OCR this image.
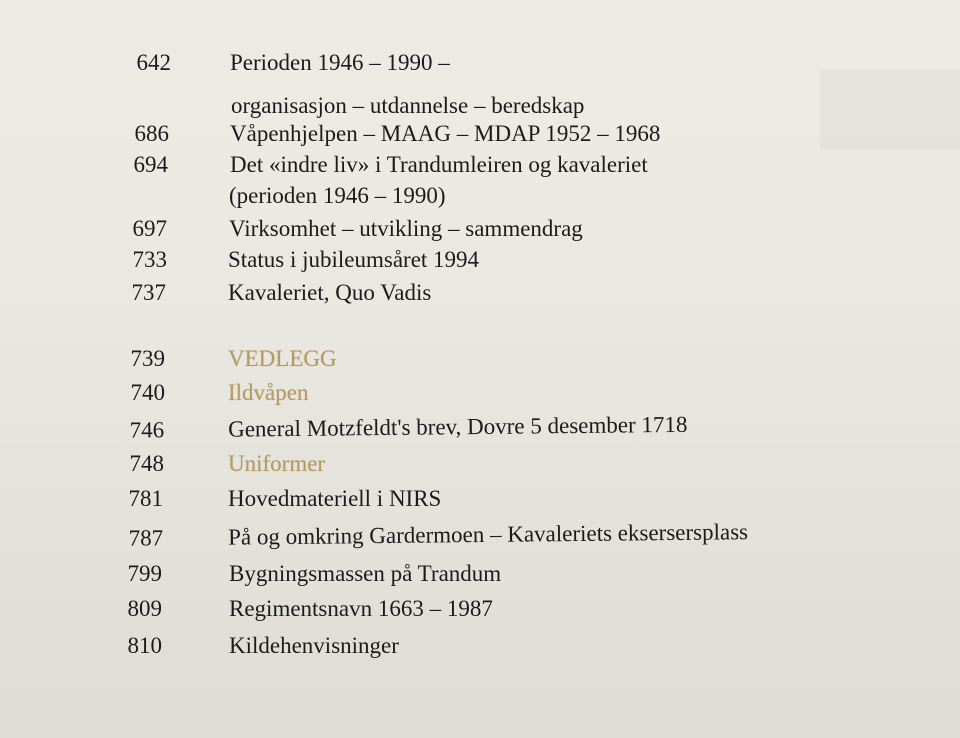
642	Perioden 1946 – 1990 –
organisasjon – utdannelse – beredskap
686	Våpenhjelpen – MAAG – MDAP 1952 – 1968
694	Det «indre liv» i Trandumleiren og kavaleriet
(perioden 1946 – 1990)
697	Virksomhet – utvikling – sammendrag
733	Status i jubileumsåret 1994
737	Kavaleriet, Quo Vadis
739	VEDLEGG
740	Ildvåpen
746	General Motzfeldt's brev, Dovre 5 desember 1718
748	Uniformer
781	Hovedmateriell i NIRS
787	På og omkring Gardermoen – Kavaleriets eksersersplass
799	Bygningsmassen på Trandum
809	Regimentsnavn 1663 – 1987
810	Kildehenvisninger
